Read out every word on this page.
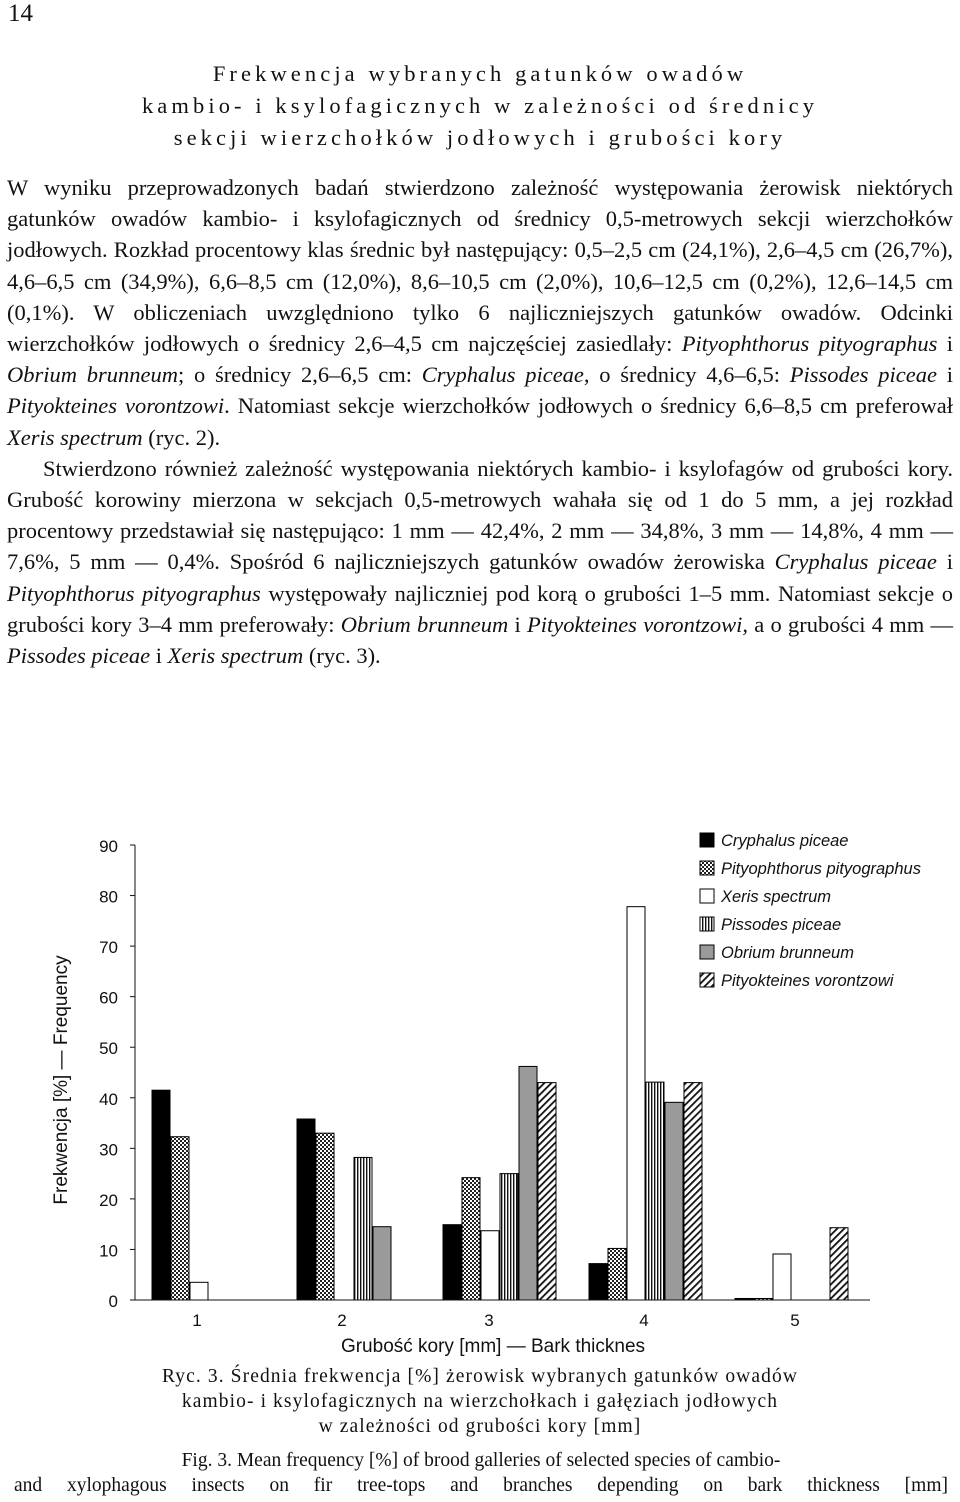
14
Frekwencja wybranych gatunków owadów
kambio- i ksylofagicznych w zależności od średnicy
sekcji wierzchołków jodłowych i grubości kory

W wyniku przeprowadzonych badań stwierdzono zależność występowania żerowisk niektórych gatunków owadów kambio- i ksylofagicznych od średnicy 0,5-metrowych sekcji wierzchołków jodłowych. Rozkład procentowy klas średnic był następujący: 0,5–2,5 cm (24,1%), 2,6–4,5 cm (26,7%), 4,6–6,5 cm (34,9%), 6,6–8,5 cm (12,0%), 8,6–10,5 cm (2,0%), 10,6–12,5 cm (0,2%), 12,6–14,5 cm (0,1%). W obliczeniach uwzględniono tylko 6 najliczniejszych gatunków owadów. Odcinki wierzchołków jodłowych o średnicy 2,6–4,5 cm najczęściej zasiedlały: Pityophthorus pityographus i Obrium brunneum; o średnicy 2,6–6,5 cm: Cryphalus piceae, o średnicy 4,6–6,5: Pissodes piceae i Pityokteines vorontzowi. Natomiast sekcje wierzchołków jodłowych o średnicy 6,6–8,5 cm preferował Xeris spectrum (ryc. 2).

Stwierdzono również zależność występowania niektórych kambio- i ksylofagów od grubości kory. Grubość korowiny mierzona w sekcjach 0,5-metrowych wahała się od 1 do 5 mm, a jej rozkład procentowy przedstawiał się następująco: 1 mm — 42,4%, 2 mm — 34,8%, 3 mm — 14,8%, 4 mm — 7,6%, 5 mm — 0,4%. Spośród 6 najliczniejszych gatunków owadów żerowiska Cryphalus piceae i Pityophthorus pityographus występowały najliczniej pod korą o grubości 1–5 mm. Natomiast sekcje o grubości kory 3–4 mm preferowały: Obrium brunneum i Pityokteines vorontzowi, a o grubości 4 mm — Pissodes piceae i Xeris spectrum (ryc. 3).

0
10
20
30
40
50
60
70
80
90
1	2	3	4	5
Cryphalus piceae
Pityophthorus pityographus
Xeris spectrum
Pissodes piceae
Obrium brunneum
Pityokteines vorontzowi
Frekwencja [%] — Frequency
Grubość kory [mm] — Bark thicknes
Ryc. 3. Średnia frekwencja [%] żerowisk wybranych gatunków owadów
kambio- i ksylofagicznych na wierzchołkach i gałęziach jodłowych
w zależności od grubości kory [mm]
Fig. 3. Mean frequency [%] of brood galleries of selected species of cambio-
and xylophagous insects on fir tree-tops and branches depending on bark thickness [mm]
